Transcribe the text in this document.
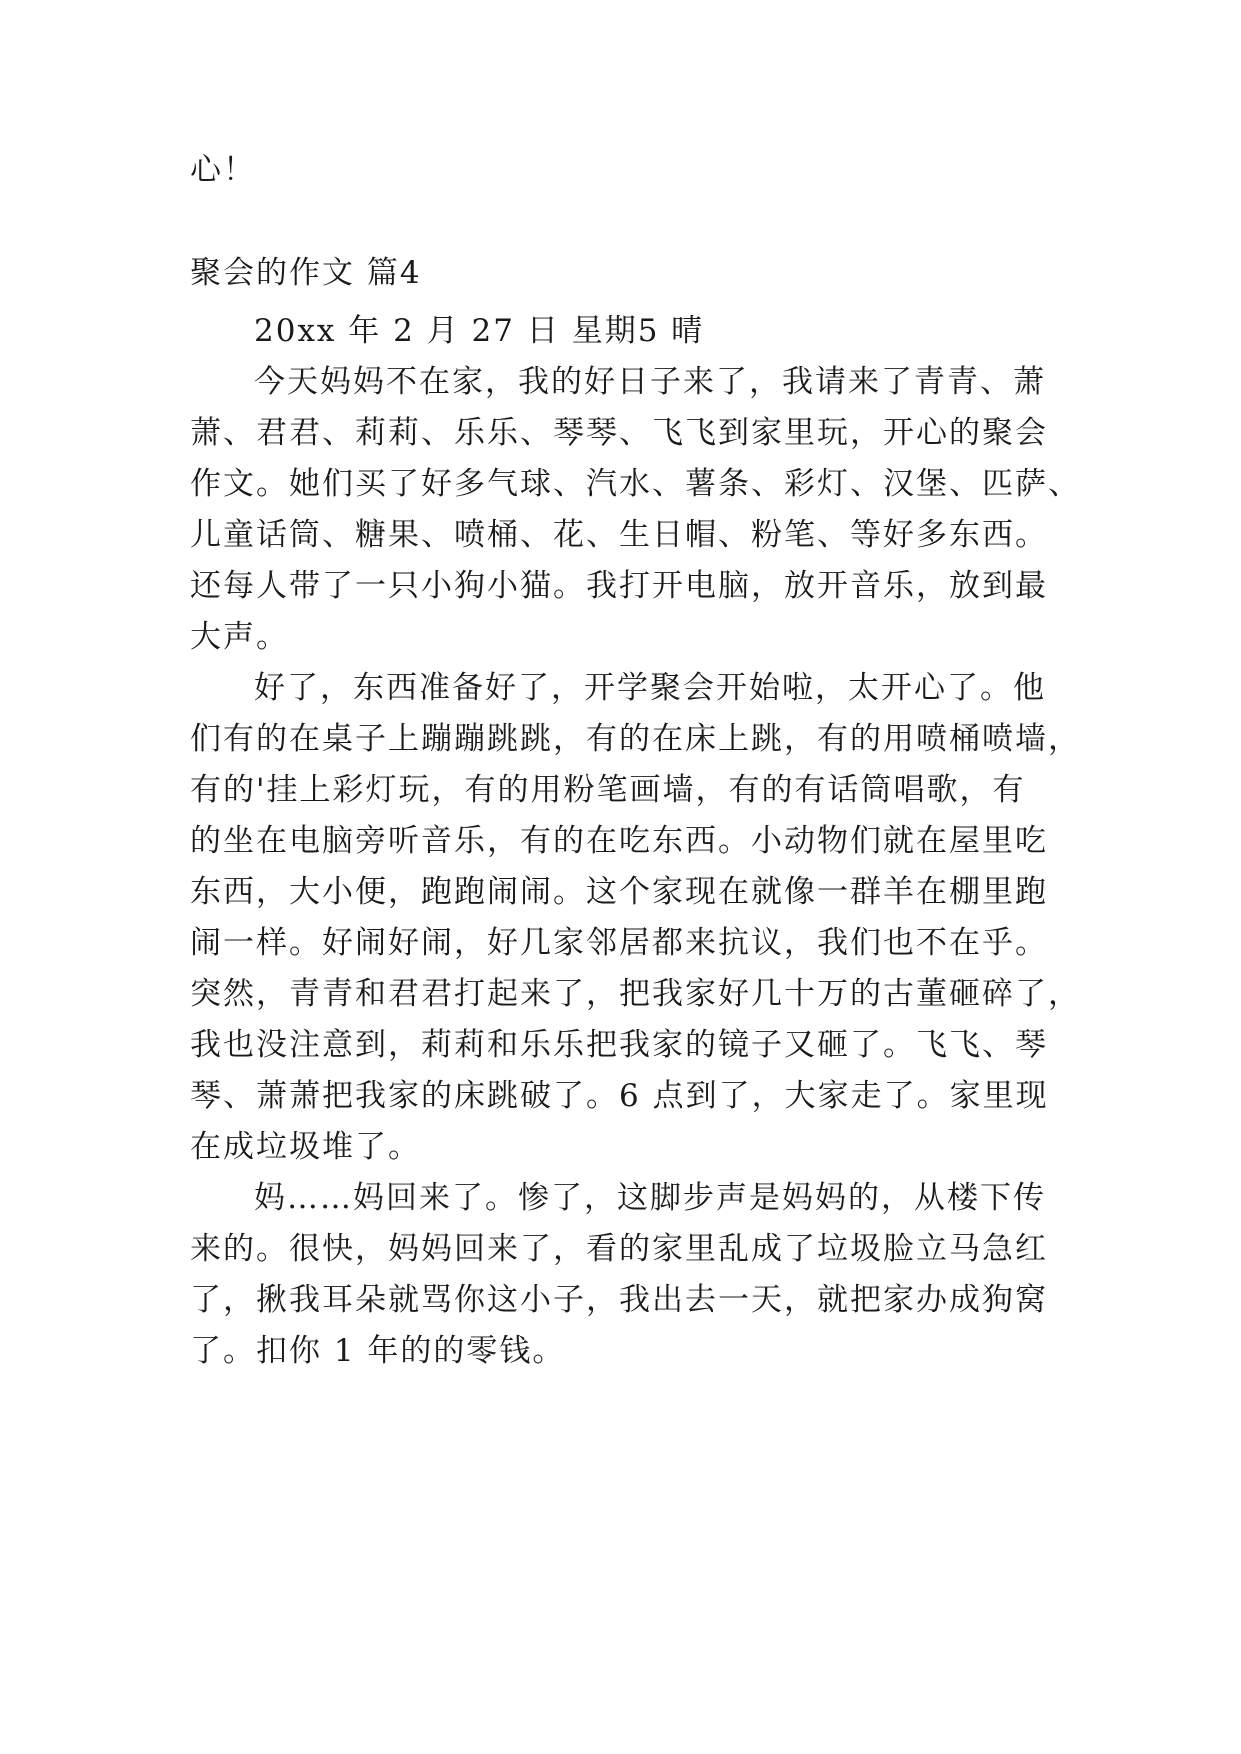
心！
聚会的作文 篇4
20xx 年 2 月 27 日 星期5 晴
今天妈妈不在家，我的好日子来了，我请来了青青、萧
萧、君君、莉莉、乐乐、琴琴、飞飞到家里玩，开心的聚会
作文。她们买了好多气球、汽水、薯条、彩灯、汉堡、匹萨、
儿童话筒、糖果、喷桶、花、生日帽、粉笔、等好多东西。
还每人带了一只小狗小猫。我打开电脑，放开音乐，放到最
大声。
好了，东西准备好了，开学聚会开始啦，太开心了。他
们有的在桌子上蹦蹦跳跳，有的在床上跳，有的用喷桶喷墙，
有的'挂上彩灯玩，有的用粉笔画墙，有的有话筒唱歌，有
的坐在电脑旁听音乐，有的在吃东西。小动物们就在屋里吃
东西，大小便，跑跑闹闹。这个家现在就像一群羊在棚里跑
闹一样。好闹好闹，好几家邻居都来抗议，我们也不在乎。
突然，青青和君君打起来了，把我家好几十万的古董砸碎了，
我也没注意到，莉莉和乐乐把我家的镜子又砸了。飞飞、琴
琴、萧萧把我家的床跳破了。6 点到了，大家走了。家里现
在成垃圾堆了。
妈……妈回来了。惨了，这脚步声是妈妈的，从楼下传
来的。很快，妈妈回来了，看的家里乱成了垃圾脸立马急红
了，揪我耳朵就骂你这小子，我出去一天，就把家办成狗窝
了。扣你 1 年的的零钱。
